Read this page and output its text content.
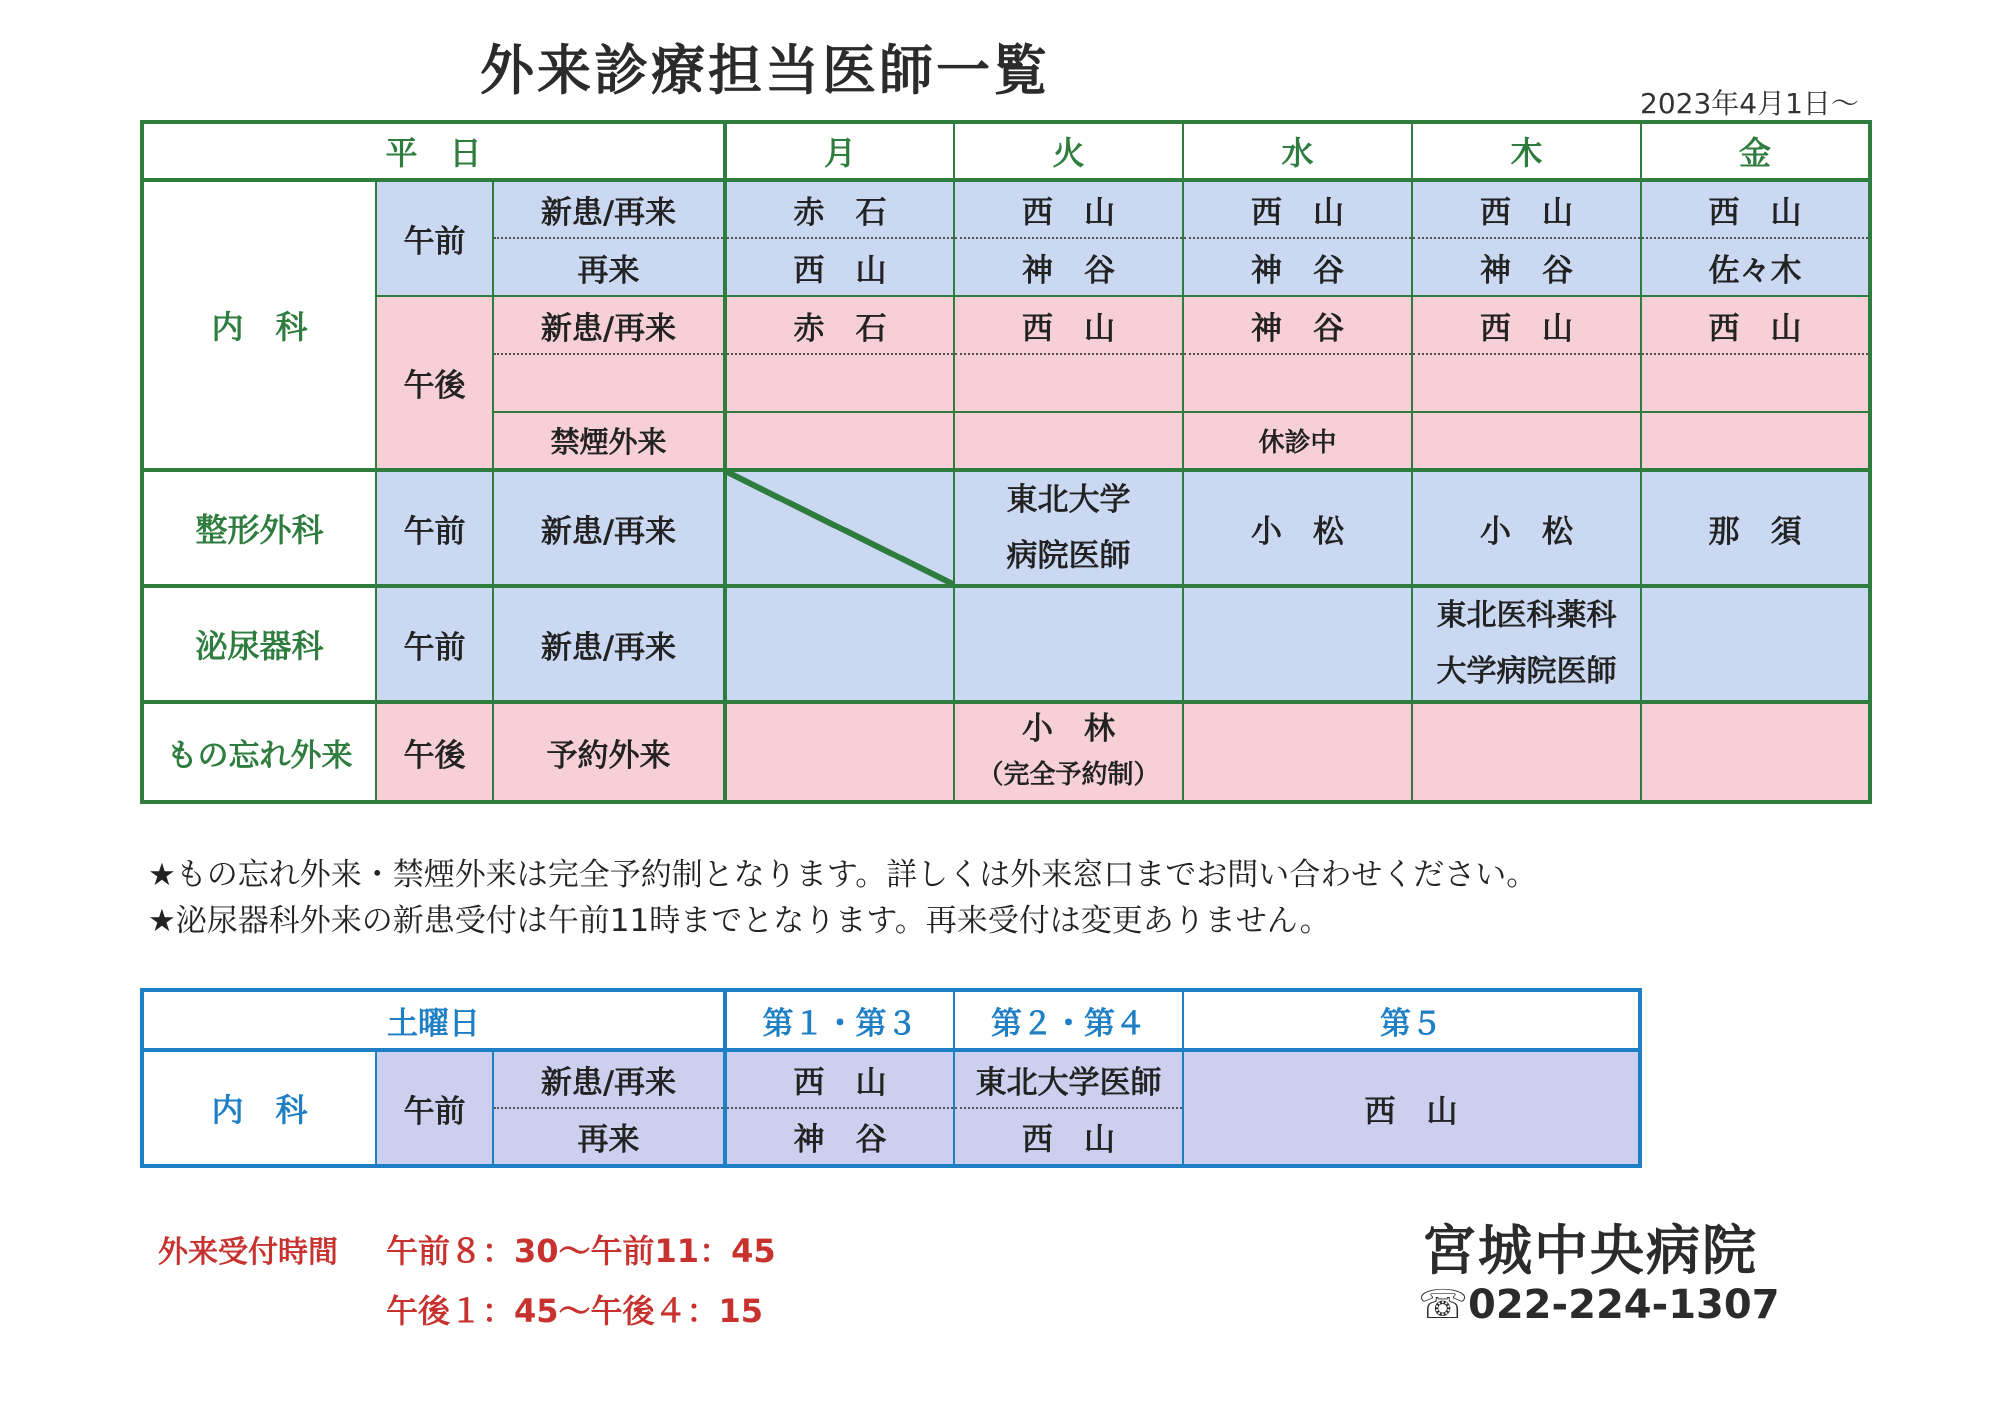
外来診療担当医師一覧
2023年4月1日～
平　日			月	火	水	木	金
内　科	午前	新患/再来	赤　石	西　山	西　山	西　山	西　山
		再来	西　山	神　谷	神　谷	神　谷	佐々木
	午後	新患/再来	赤　石	西　山	神　谷	西　山	西　山

		禁煙外来			休診中		
整形外科	午前	新患/再来		東北大学
病院医師	小　松	小　松	那　須
泌尿器科	午前	新患/再来				東北医科薬科
大学病院医師	

もの忘れ外来	午後	予約外来		小　林
（完全予約制）			

★もの忘れ外来・禁煙外来は完全予約制となります。詳しくは外来窓口までお問い合わせください。
★泌尿器科外来の新患受付は午前11時までとなります。再来受付は変更ありません。
土曜日			第１・第３	第２・第４	第５
内　科	午前	新患/再来	西　山	東北大学医師	西　山
		再来	神　谷	西　山	
外来受付時間 午前８：30～午前11：45
午後１：45～午後４：15
宮城中央病院
☏022-224-1307
